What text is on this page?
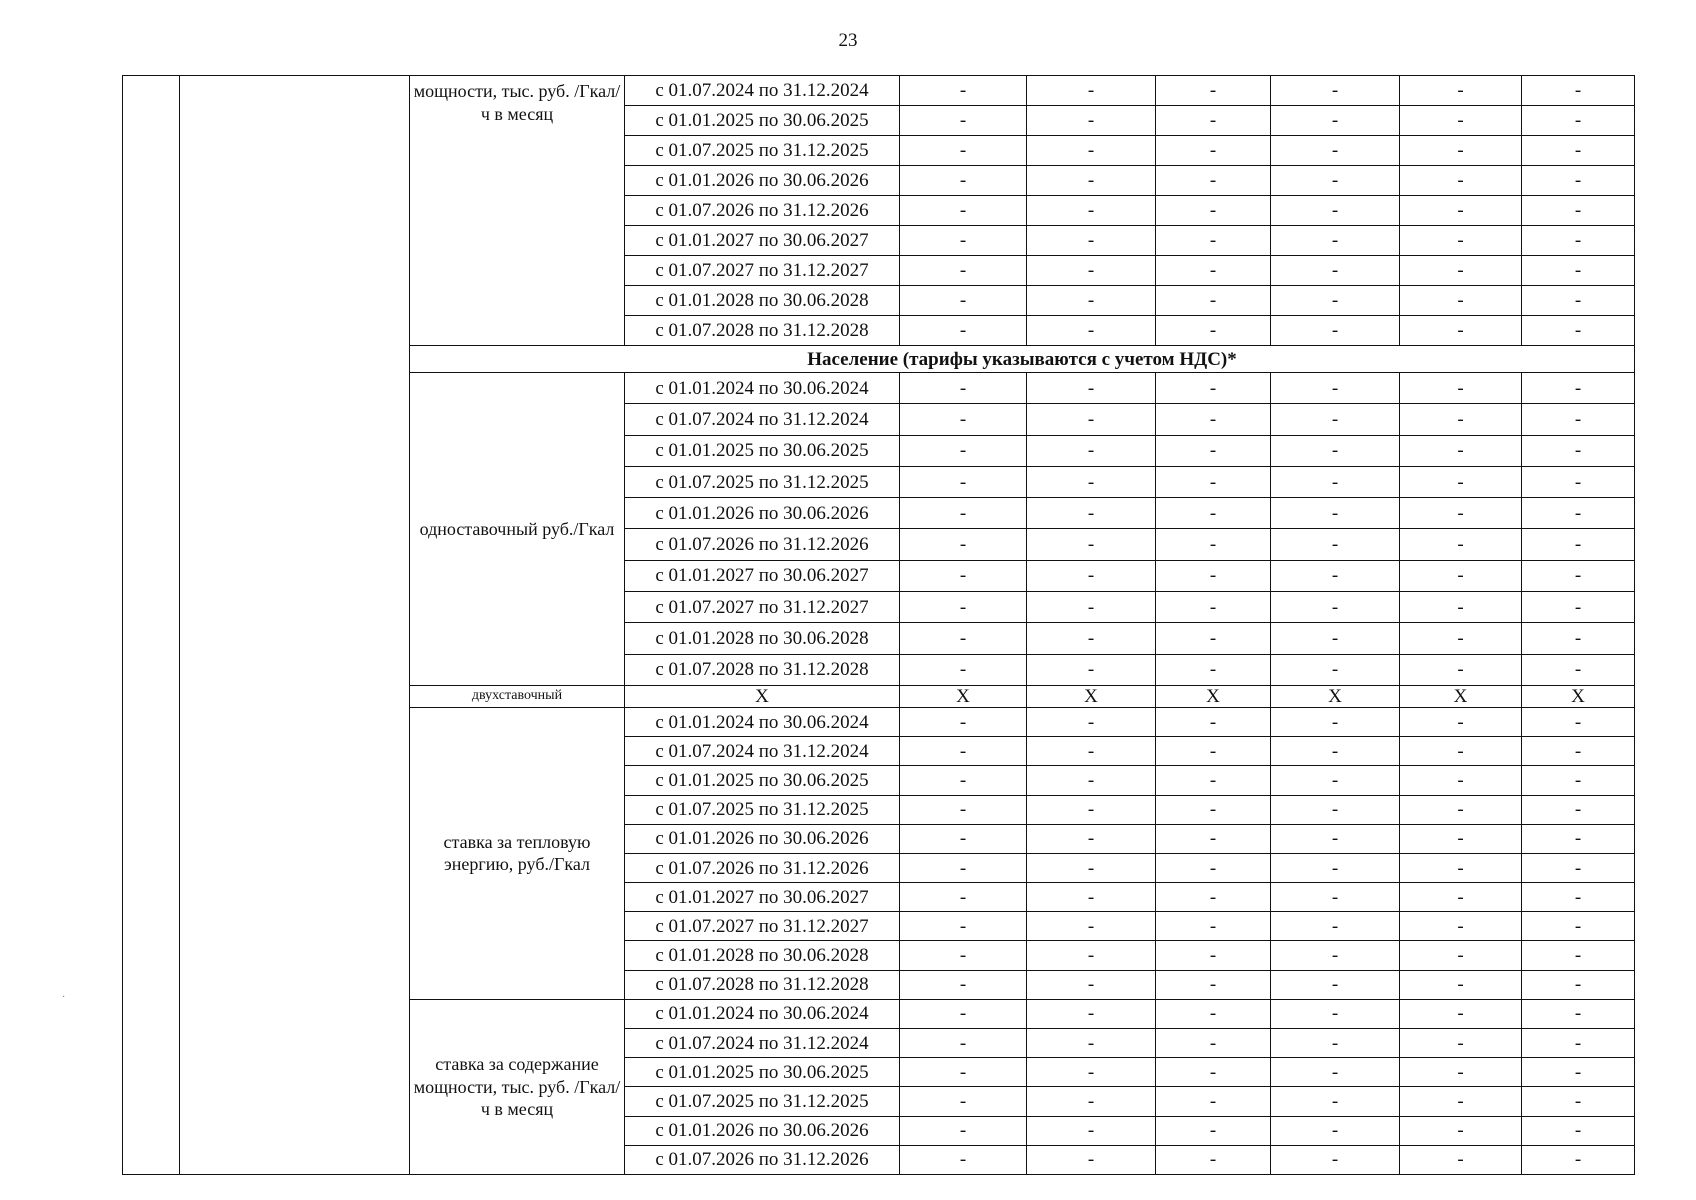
23
		мощности, тыс. руб. /Гкал/ч в месяц	с 01.07.2024 по 31.12.2024	-	-	-	-	-	-
			с 01.01.2025 по 30.06.2025	-	-	-	-	-	-
			с 01.07.2025 по 31.12.2025	-	-	-	-	-	-
			с 01.01.2026 по 30.06.2026	-	-	-	-	-	-
			с 01.07.2026 по 31.12.2026	-	-	-	-	-	-
			с 01.01.2027 по 30.06.2027	-	-	-	-	-	-
			с 01.07.2027 по 31.12.2027	-	-	-	-	-	-
			с 01.01.2028 по 30.06.2028	-	-	-	-	-	-
			с 01.07.2028 по 31.12.2028	-	-	-	-	-	-
		Население (тарифы указываются с учетом НДС)*							
		одноставочный руб./Гкал	с 01.01.2024 по 30.06.2024	-	-	-	-	-	-
			с 01.07.2024 по 31.12.2024	-	-	-	-	-	-
			с 01.01.2025 по 30.06.2025	-	-	-	-	-	-
			с 01.07.2025 по 31.12.2025	-	-	-	-	-	-
			с 01.01.2026 по 30.06.2026	-	-	-	-	-	-
			с 01.07.2026 по 31.12.2026	-	-	-	-	-	-
			с 01.01.2027 по 30.06.2027	-	-	-	-	-	-
			с 01.07.2027 по 31.12.2027	-	-	-	-	-	-
			с 01.01.2028 по 30.06.2028	-	-	-	-	-	-
			с 01.07.2028 по 31.12.2028	-	-	-	-	-	-
		двухставочный	Х	Х	Х	Х	Х	Х	Х
		ставка за тепловую энергию, руб./Гкал	с 01.01.2024 по 30.06.2024	-	-	-	-	-	-
			с 01.07.2024 по 31.12.2024	-	-	-	-	-	-
			с 01.01.2025 по 30.06.2025	-	-	-	-	-	-
			с 01.07.2025 по 31.12.2025	-	-	-	-	-	-
			с 01.01.2026 по 30.06.2026	-	-	-	-	-	-
			с 01.07.2026 по 31.12.2026	-	-	-	-	-	-
			с 01.01.2027 по 30.06.2027	-	-	-	-	-	-
			с 01.07.2027 по 31.12.2027	-	-	-	-	-	-
			с 01.01.2028 по 30.06.2028	-	-	-	-	-	-
			с 01.07.2028 по 31.12.2028	-	-	-	-	-	-
		ставка за содержание мощности, тыс. руб. /Гкал/ч в месяц	с 01.01.2024 по 30.06.2024	-	-	-	-	-	-
			с 01.07.2024 по 31.12.2024	-	-	-	-	-	-
			с 01.01.2025 по 30.06.2025	-	-	-	-	-	-
			с 01.07.2025 по 31.12.2025	-	-	-	-	-	-
			с 01.01.2026 по 30.06.2026	-	-	-	-	-	-
			с 01.07.2026 по 31.12.2026	-	-	-	-	-	-
·
